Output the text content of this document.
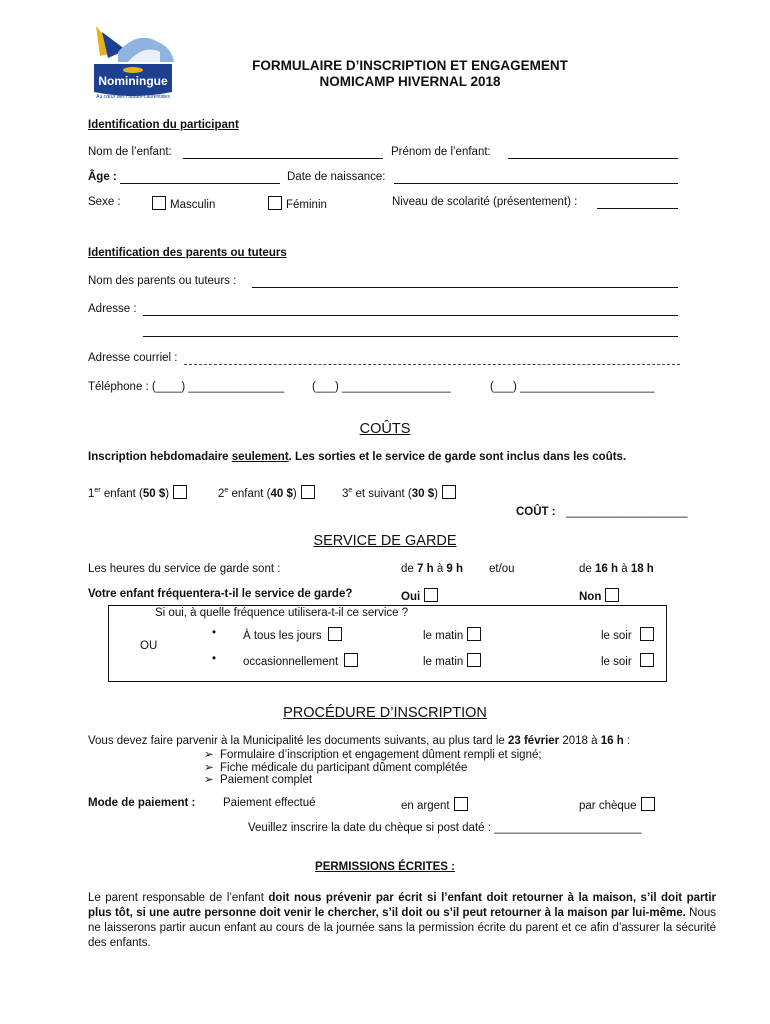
Nominingue
Au cœur des Hautes-Laurentides
FORMULAIRE D’INSCRIPTION ET ENGAGEMENT
NOMICAMP HIVERNAL 2018
Identification du participant
Nom de l’enfant:	Prénom de l’enfant:
Âge :	Date de naissance:
Sexe :	Masculin	Féminin	Niveau de scolarité (présentement) :
Identification des parents ou tuteurs
Nom des parents ou tuteurs :
Adresse :
Adresse courriel :
Téléphone : (____) _______________ (___) _________________	(___) _____________________
COÛTS
Inscription hebdomadaire seulement. Les sorties et le service de garde sont inclus dans les coûts.
1er enfant (50 $)	2e enfant (40 $)	3e et suivant (30 $)
COÛT : ___________________
SERVICE DE GARDE
Les heures du service de garde sont :	de 7 h à 9 h et/ou	de 16 h à 18 h
Votre enfant fréquentera-t-il le service de garde?	Oui	Non
Si oui, à quelle fréquence utilisera-t-il ce service ?
• À tous les jours	le matin	le soir
OU
• occasionnellement	le matin	le soir
PROCÉDURE D’INSCRIPTION
Vous devez faire parvenir à la Municipalité les documents suivants, au plus tard le 23 février 2018 à 16 h :
➢ Formulaire d’inscription et engagement dûment rempli et signé;
➢ Fiche médicale du participant dûment complétée
➢ Paiement complet
Mode de paiement : Paiement effectué	en argent	par chèque
Veuillez inscrire la date du chèque si post daté : _______________________
PERMISSIONS ÉCRITES :
Le parent responsable de l’enfant doit nous prévenir par écrit si l’enfant doit retourner à la maison, s’il doit partir plus tôt, si une autre personne doit venir le chercher, s’il doit ou s’il peut retourner à la maison par lui-même. Nous ne laisserons partir aucun enfant au cours de la journée sans la permission écrite du parent et ce afin d’assurer la sécurité des enfants.
